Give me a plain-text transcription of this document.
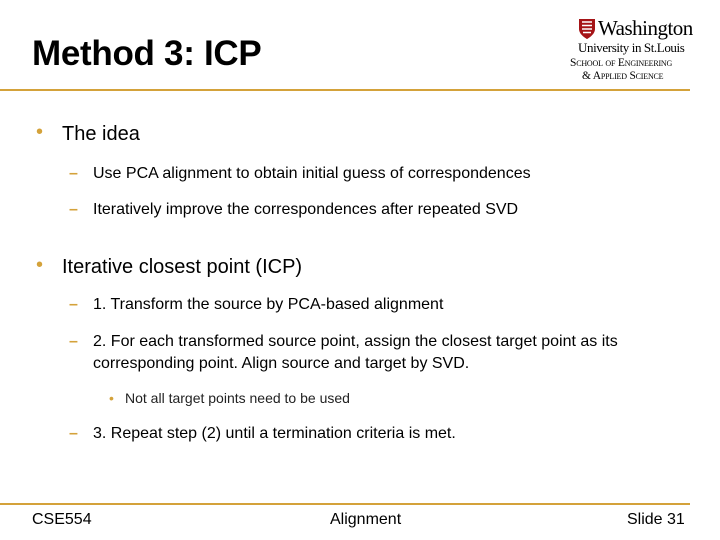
Method 3: ICP
Washington
University in St.Louis
School of Engineering
& Applied Science
• The idea
– Use PCA alignment to obtain initial guess of correspondences
– Iteratively improve the correspondences after repeated SVD
• Iterative closest point (ICP)
– 1. Transform the source by PCA-based alignment
– 2. For each transformed source point, assign the closest target point as its
corresponding point. Align source and target by SVD.
• Not all target points need to be used
– 3. Repeat step (2) until a termination criteria is met.
CSE554	Alignment	Slide 31
